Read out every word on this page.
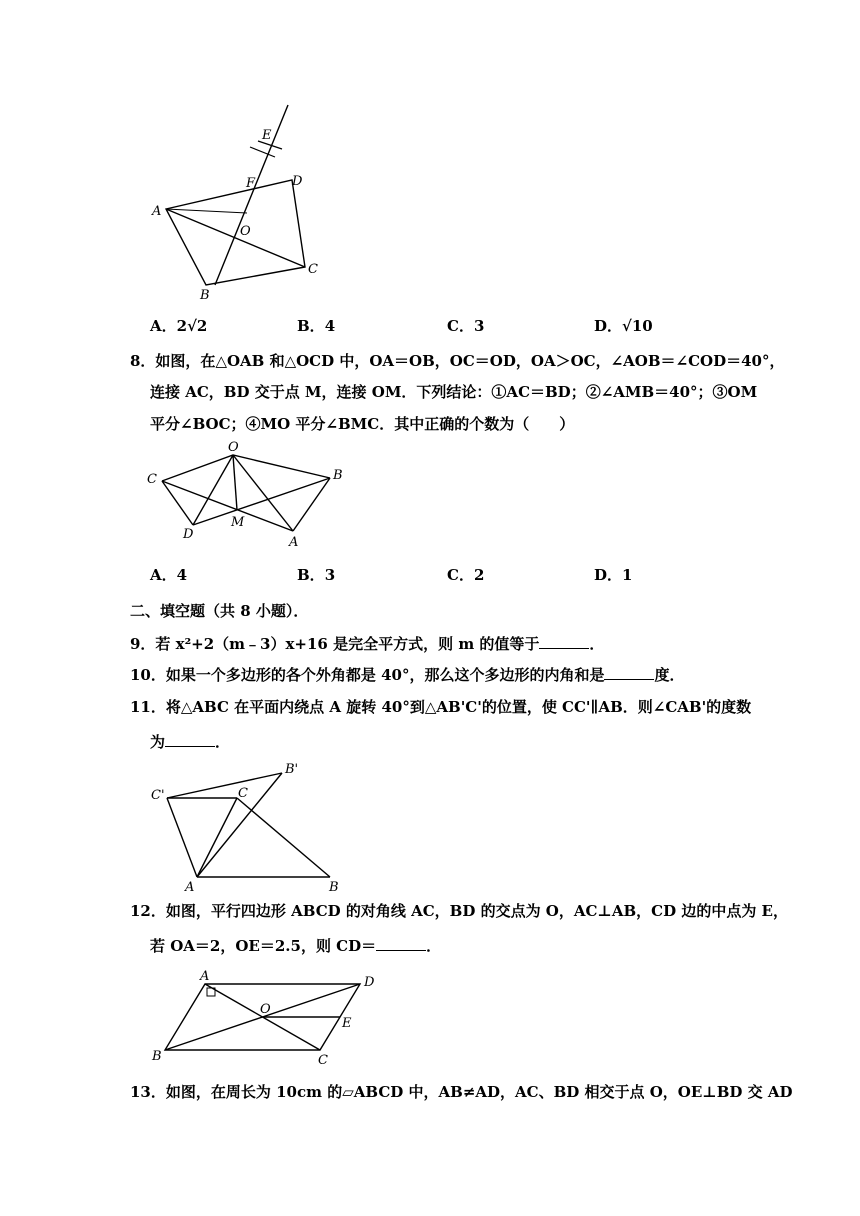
E
F	D
A
O
C
B
A．2√2	B．4	C．3	D．√10
8．如图，在△OAB 和△OCD 中，OA＝OB，OC＝OD，OA＞OC，∠AOB＝∠COD＝40°，
连接 AC，BD 交于点 M，连接 OM．下列结论：①AC＝BD；②∠AMB＝40°；③OM
平分∠BOC；④MO 平分∠BMC．其中正确的个数为（　　）
O
C	B
D
M
A
A．4	B．3	C．2	D．1
二、填空题（共 8 小题）．
9．若 x²+2（m﹣3）x+16 是完全平方式，则 m 的值等于	．
10．如果一个多边形的各个外角都是 40°，那么这个多边形的内角和是	度．
11．将△ABC 在平面内绕点 A 旋转 40°到△AB'C'的位置，使 CC'∥AB．则∠CAB'的度数
为	．
C'	C
B'
A	B
12．如图，平行四边形 ABCD 的对角线 AC，BD 的交点为 O，AC⊥AB，CD 边的中点为 E，
若 OA＝2，OE＝2.5，则 CD＝	．
A	D
O
E
B	C
13．如图，在周长为 10cm 的▱ABCD 中，AB≠AD，AC、BD 相交于点 O，OE⊥BD 交 AD
